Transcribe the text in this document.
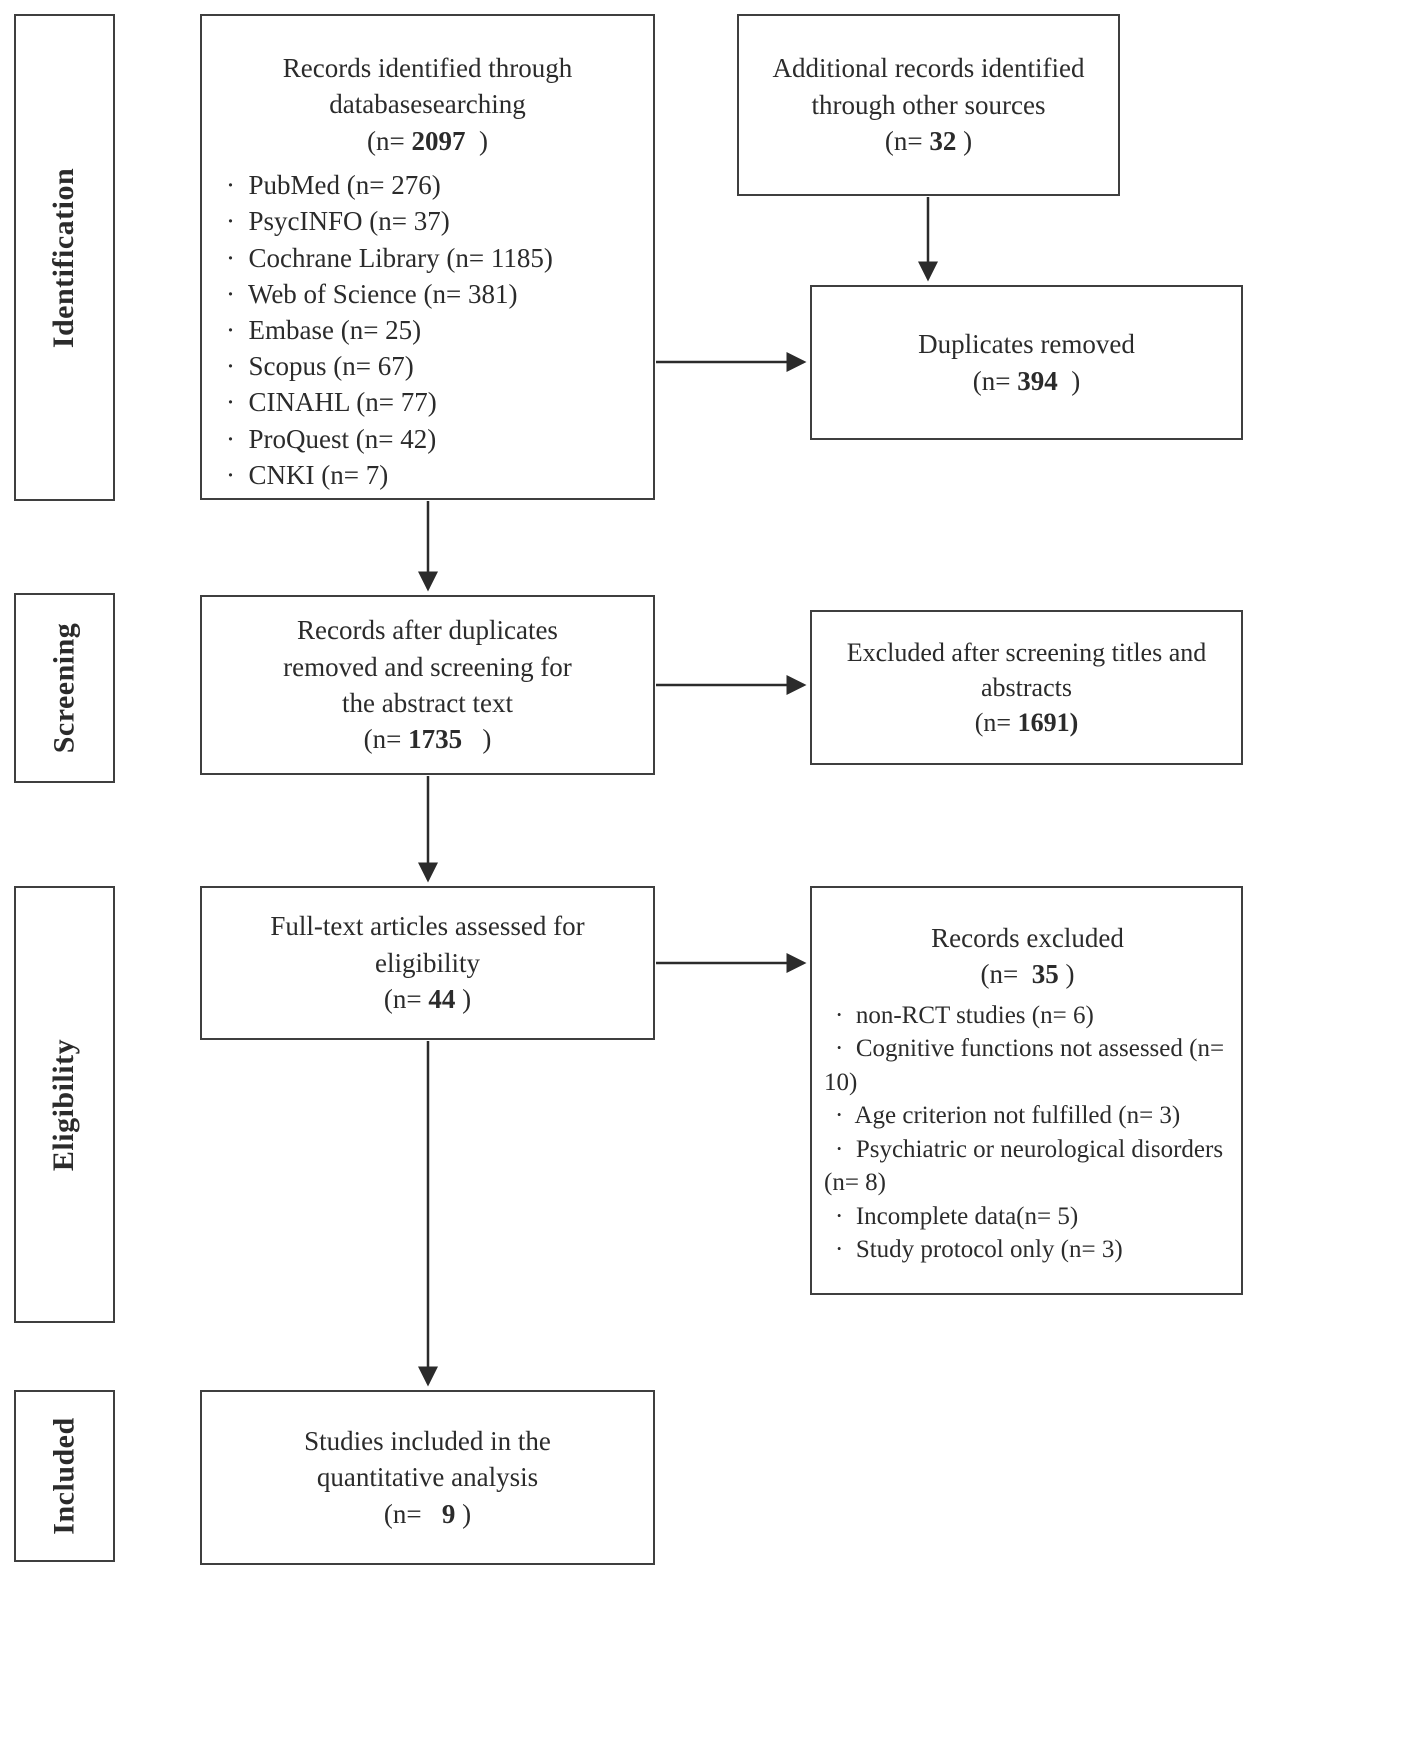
Identification
Screening
Eligibility
Included
Records identified through
databasesearching
(n= 2097  )
·  PubMed (n= 276)
·  PsycINFO (n= 37)
·  Cochrane Library (n= 1185)
·  Web of Science (n= 381)
·  Embase (n= 25)
·  Scopus (n= 67)
·  CINAHL (n= 77)
·  ProQuest (n= 42)
·  CNKI (n= 7)
Additional records identified
through other sources
(n= 32 )
Duplicates removed
(n= 394  )
Records after duplicates
removed and screening for
the abstract text
(n= 1735   )
Excluded after screening titles and
abstracts
(n= 1691)
Full-text articles assessed for
eligibility
(n= 44 )
Records excluded
(n=  35 )
·  non-RCT studies (n= 6)
·  Cognitive functions not assessed (n= 10)
·  Age criterion not fulfilled (n= 3)
·  Psychiatric or neurological disorders (n= 8)
·  Incomplete data(n= 5)
·  Study protocol only (n= 3)
Studies included in the
quantitative analysis
(n=   9 )
